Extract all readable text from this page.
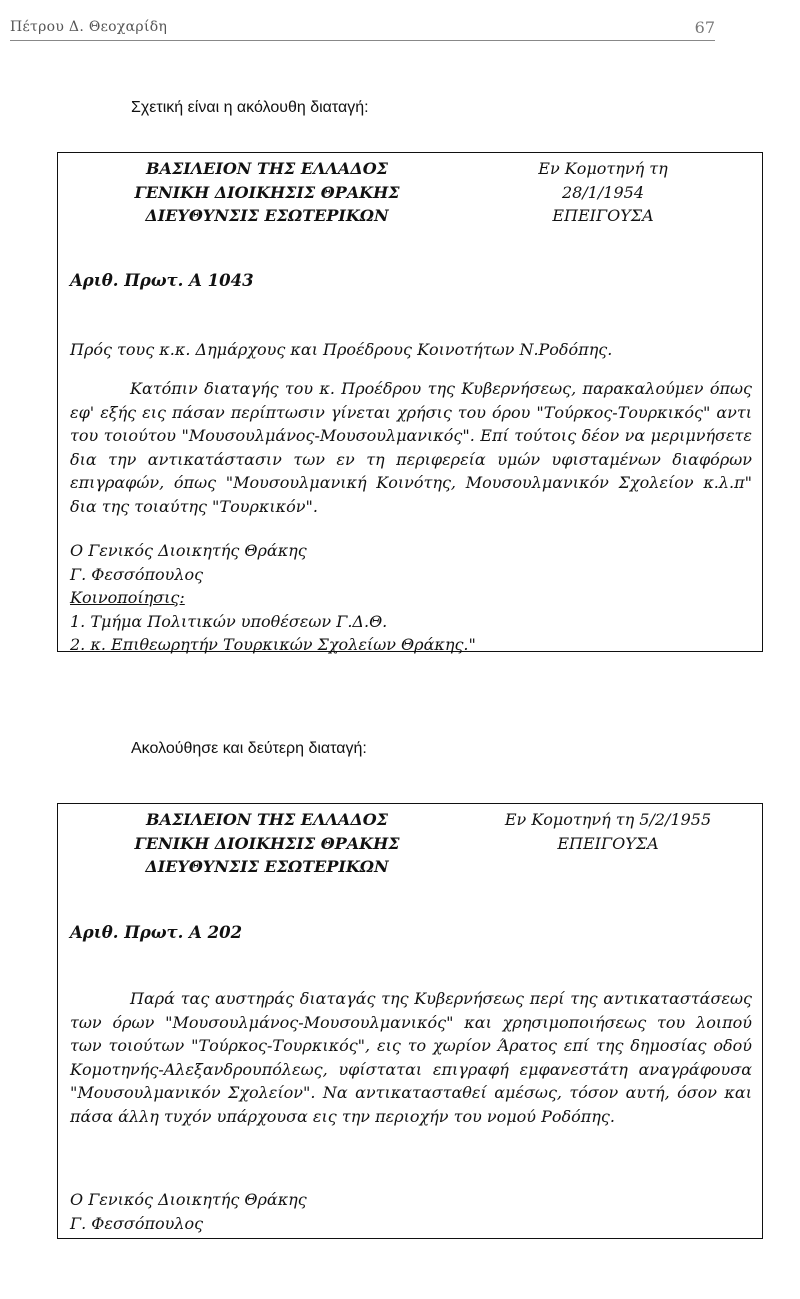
Πέτρου Δ. Θεοχαρίδη	67
Σχετική είναι η ακόλουθη διαταγή:
ΒΑΣΙΛΕΙΟΝ ΤΗΣ ΕΛΛΑΔΟΣ
ΓΕΝΙΚΗ ΔΙΟΙΚΗΣΙΣ ΘΡΑΚΗΣ
ΔΙΕΥΘΥΝΣΙΣ ΕΣΩΤΕΡΙΚΩΝ
Εν Κομοτηνή τη
28/1/1954
ΕΠΕΙΓΟΥΣΑ
Αριθ. Πρωτ. Α 1043
Πρός τους κ.κ. Δημάρχους και Προέδρους Κοινοτήτων Ν.Ροδόπης.

Κατόπιν διαταγής του κ. Προέδρου της Κυβερνήσεως, παρακαλούμεν όπως εφ' εξής εις πάσαν περίπτωσιν γίνεται χρήσις του όρου "Τούρκος-Τουρκικός" αντι του τοιούτου "Μουσουλμάνος-Μουσουλμανικός". Επί τούτοις δέον να μεριμνήσετε δια την αντικατάστασιν των εν τη περιφερεία υμών υφισταμένων διαφόρων επιγραφών, όπως "Μουσουλμανική Κοινότης, Μουσουλμανικόν Σχολείον κ.λ.π" δια της τοιαύτης "Τουρκικόν".

Ο Γενικός Διοικητής Θράκης
Γ. Φεσσόπουλος
Κοινοποίησις:
1. Τμήμα Πολιτικών υποθέσεων Γ.Δ.Θ.
2. κ. Επιθεωρητήν Τουρκικών Σχολείων Θράκης."
Ακολούθησε και δεύτερη διαταγή:
ΒΑΣΙΛΕΙΟΝ ΤΗΣ ΕΛΛΑΔΟΣ
ΓΕΝΙΚΗ ΔΙΟΙΚΗΣΙΣ ΘΡΑΚΗΣ
ΔΙΕΥΘΥΝΣΙΣ ΕΣΩΤΕΡΙΚΩΝ
Εν Κομοτηνή τη 5/2/1955
ΕΠΕΙΓΟΥΣΑ
Αριθ. Πρωτ. Α 202

Παρά τας αυστηράς διαταγάς της Κυβερνήσεως περί της αντικαταστάσεως των όρων "Μουσουλμάνος-Μουσουλμανικός" και χρησιμοποιήσεως του λοιπού των τοιούτων "Τούρκος-Τουρκικός", εις το χωρίον Άρατος επί της δημοσίας οδού Κομοτηνής-Αλεξανδρουπόλεως, υφίσταται επιγραφή εμφανεστάτη αναγράφουσα "Μουσουλμανικόν Σχολείον". Να αντικατασταθεί αμέσως, τόσον αυτή, όσον και πάσα άλλη τυχόν υπάρχουσα εις την περιοχήν του νομού Ροδόπης.

Ο Γενικός Διοικητής Θράκης
Γ. Φεσσόπουλος
